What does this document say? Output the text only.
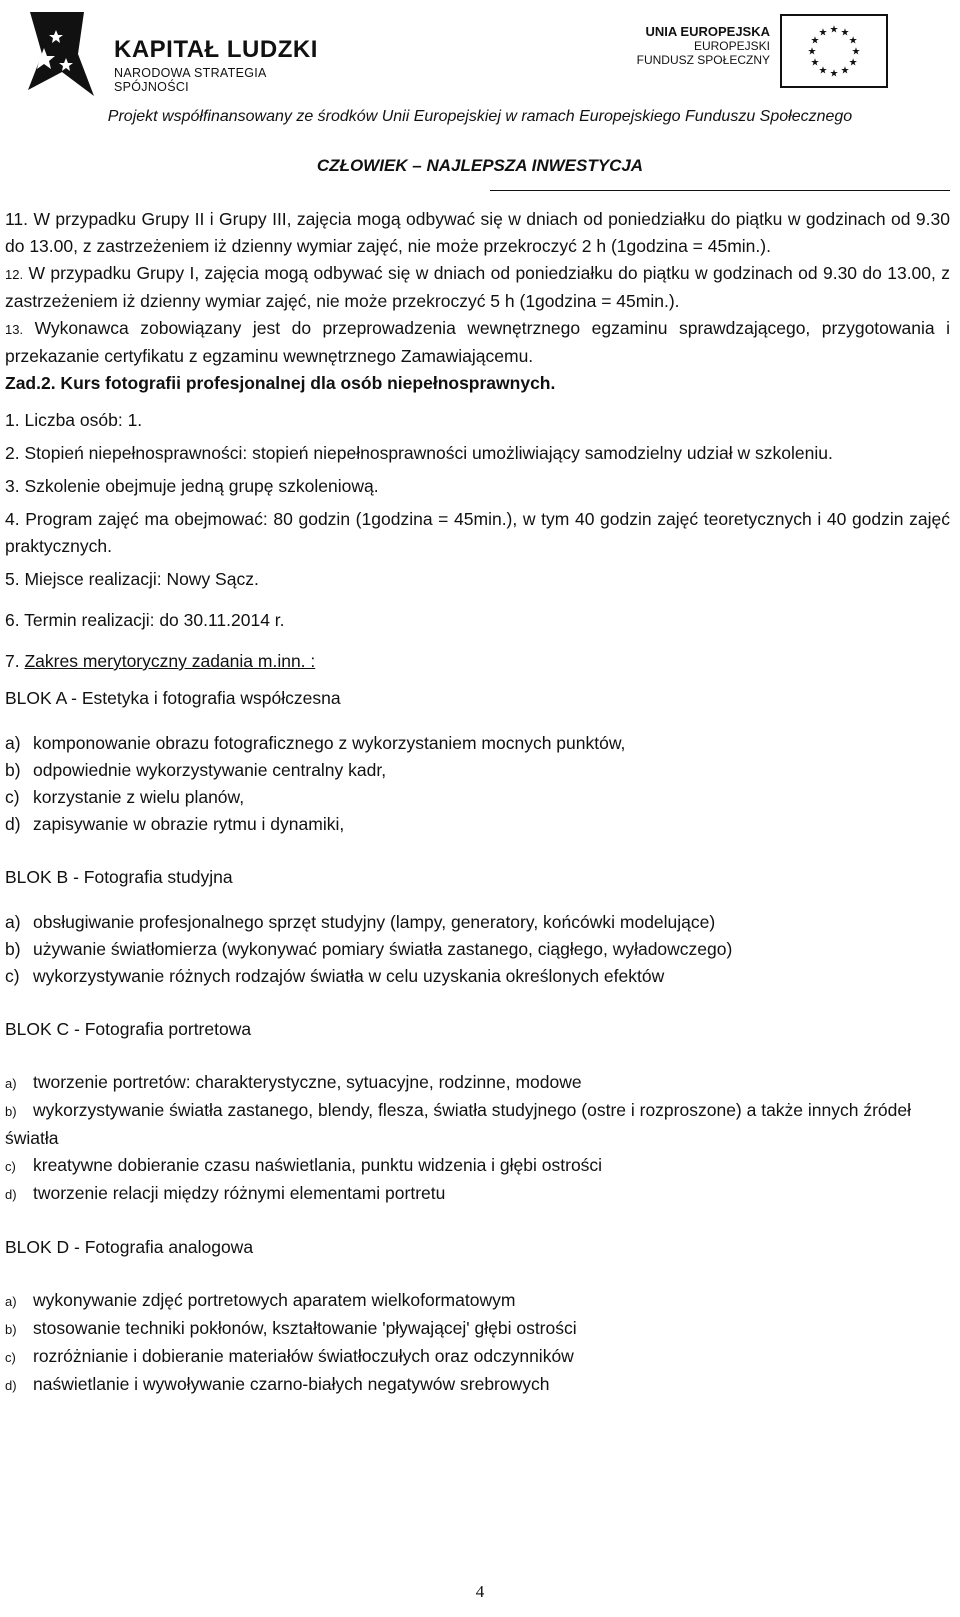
KAPITAŁ LUDZKI
NARODOWA STRATEGIA SPÓJNOŚCI
UNIA EUROPEJSKA
EUROPEJSKI
FUNDUSZ SPOŁECZNY
★
★
★
★
★
★
★
★
★ ★ ★
★
Projekt współfinansowany ze środków Unii Europejskiej w ramach Europejskiego Funduszu Społecznego
CZŁOWIEK – NAJLEPSZA INWESTYCJA

11. W przypadku Grupy II i Grupy III, zajęcia mogą odbywać się w dniach od poniedziałku do piątku w godzinach od 9.30 do 13.00, z zastrzeżeniem iż dzienny wymiar zajęć, nie może przekroczyć 2 h (1godzina = 45min.).

12. W przypadku Grupy I, zajęcia mogą odbywać się w dniach od poniedziałku do piątku w godzinach od 9.30 do 13.00, z zastrzeżeniem iż dzienny wymiar zajęć, nie może przekroczyć 5 h (1godzina = 45min.).

13. Wykonawca zobowiązany jest do przeprowadzenia wewnętrznego egzaminu sprawdzającego, przygotowania i przekazanie certyfikatu z egzaminu wewnętrznego Zamawiającemu.

Zad.2. Kurs fotografii profesjonalnej dla osób niepełnosprawnych.

1. Liczba osób: 1.

2. Stopień niepełnosprawności: stopień niepełnosprawności umożliwiający samodzielny udział w szkoleniu.

3. Szkolenie obejmuje jedną grupę szkoleniową.

4. Program zajęć ma obejmować: 80 godzin (1godzina = 45min.), w tym 40 godzin zajęć teoretycznych i 40 godzin zajęć praktycznych.

5. Miejsce realizacji: Nowy Sącz.

6. Termin realizacji: do 30.11.2014 r.

7. Zakres merytoryczny zadania m.inn. :

BLOK A - Estetyka i fotografia współczesna

a) komponowanie obrazu fotograficznego z wykorzystaniem mocnych punktów,

b) odpowiednie wykorzystywanie centralny kadr,

c) korzystanie z wielu planów,

d) zapisywanie w obrazie rytmu i dynamiki,

BLOK B - Fotografia studyjna

a) obsługiwanie profesjonalnego sprzęt studyjny (lampy, generatory, końcówki modelujące)

b) używanie światłomierza (wykonywać pomiary światła zastanego, ciągłego, wyładowczego)

c) wykorzystywanie różnych rodzajów światła w celu uzyskania określonych efektów

BLOK C - Fotografia portretowa

a) tworzenie portretów: charakterystyczne, sytuacyjne, rodzinne, modowe

b) wykorzystywanie światła zastanego, blendy, flesza, światła studyjnego (ostre i rozproszone) a także innych źródeł światła

c) kreatywne dobieranie czasu naświetlania, punktu widzenia i głębi ostrości

d) tworzenie relacji między różnymi elementami portretu

BLOK D - Fotografia analogowa

a) wykonywanie zdjęć portretowych aparatem wielkoformatowym

b) stosowanie techniki pokłonów, kształtowanie 'pływającej' głębi ostrości

c) rozróżnianie i dobieranie materiałów światłoczułych oraz odczynników

d) naświetlanie i wywoływanie czarno-białych negatywów srebrowych

4
